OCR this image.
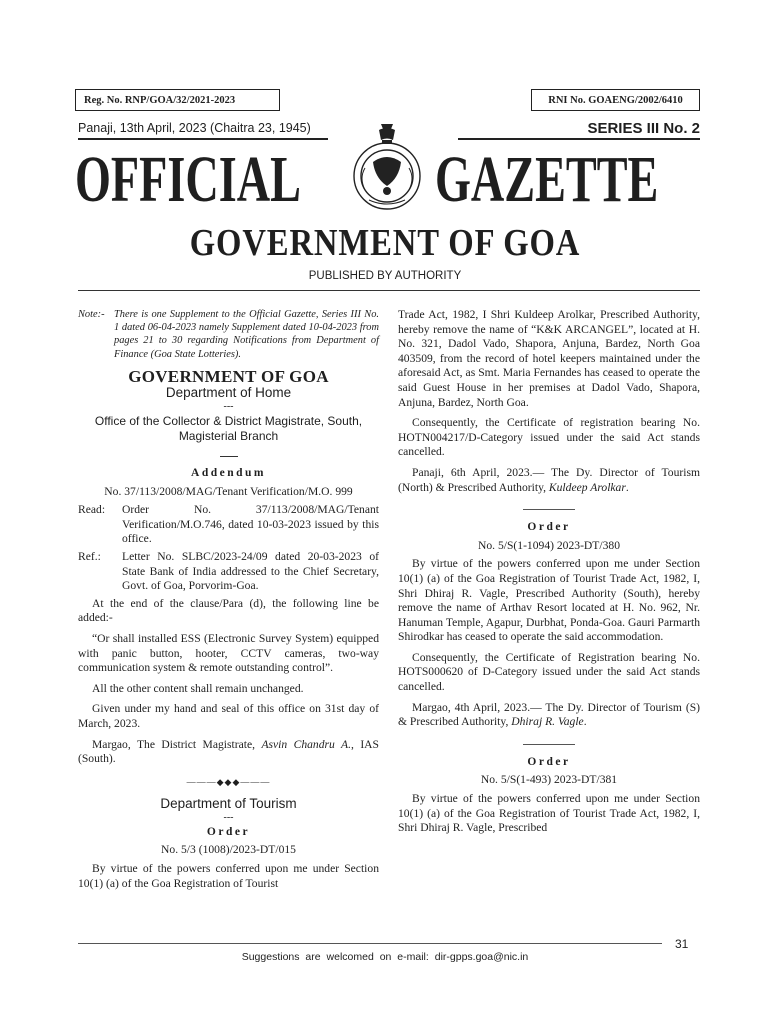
Reg. No. RNP/GOA/32/2021-2023	RNI No. GOAENG/2002/6410
Panaji, 13th April, 2023 (Chaitra 23, 1945)	SERIES III No. 2
OFFICIAL GAZETTE
GOVERNMENT OF GOA
PUBLISHED BY AUTHORITY
Note:- There is one Supplement to the Official Gazette, Series III No. 1 dated 06-04-2023 namely Supplement dated 10-04-2023 from pages 21 to 30 regarding Notifications from Department of Finance (Goa State Lotteries).
GOVERNMENT OF GOA
Department of Home
---
Office of the Collector & District Magistrate, South, Magisterial Branch
Addendum
No. 37/113/2008/MAG/Tenant Verification/M.O. 999
Read:	Order No. 37/113/2008/MAG/Tenant Verification/M.O.746, dated 10-03-2023 issued by this office.
Ref.:	Letter No. SLBC/2023-24/09 dated 20-03-2023 of State Bank of India addressed to the Chief Secretary, Govt. of Goa, Porvorim-Goa.

At the end of the clause/Para (d), the following line be added:-

“Or shall installed ESS (Electronic Survey System) equipped with panic button, hooter, CCTV cameras, two-way communication system & remote outstanding control”.

All the other content shall remain unchanged.

Given under my hand and seal of this office on 31st day of March, 2023.

Margao, The District Magistrate, Asvin Chandru A., IAS (South).

———◆◆◆———
Department of Tourism
---
Order
No. 5/3 (1008)/2023-DT/015

By virtue of the powers conferred upon me under Section 10(1) (a) of the Goa Registration of Tourist

Trade Act, 1982, I Shri Kuldeep Arolkar, Prescribed Authority, hereby remove the name of “K&K ARCANGEL”, located at H. No. 321, Dadol Vado, Shapora, Anjuna, Bardez, North Goa 403509, from the record of hotel keepers maintained under the aforesaid Act, as Smt. Maria Fernandes has ceased to operate the said Guest House in her premises at Dadol Vado, Shapora, Anjuna, Bardez, North Goa.

Consequently, the Certificate of registration bearing No. HOTN004217/D-Category issued under the said Act stands cancelled.

Panaji, 6th April, 2023.— The Dy. Director of Tourism (North) & Prescribed Authority, Kuldeep Arolkar.

Order
No. 5/S(1-1094) 2023-DT/380

By virtue of the powers conferred upon me under Section 10(1) (a) of the Goa Registration of Tourist Trade Act, 1982, I, Shri Dhiraj R. Vagle, Prescribed Authority (South), hereby remove the name of Arthav Resort located at H. No. 962, Nr. Hanuman Temple, Agapur, Durbhat, Ponda-Goa. Gauri Parmarth Shirodkar has ceased to operate the said accommodation.

Consequently, the Certificate of Registration bearing No. HOTS000620 of D-Category issued under the said Act stands cancelled.

Margao, 4th April, 2023.— The Dy. Director of Tourism (S) & Prescribed Authority, Dhiraj R. Vagle.

Order
No. 5/S(1-493) 2023-DT/381

By virtue of the powers conferred upon me under Section 10(1) (a) of the Goa Registration of Tourist Trade Act, 1982, I, Shri Dhiraj R. Vagle, Prescribed

31
Suggestions are welcomed on e-mail: dir-gpps.goa@nic.in
